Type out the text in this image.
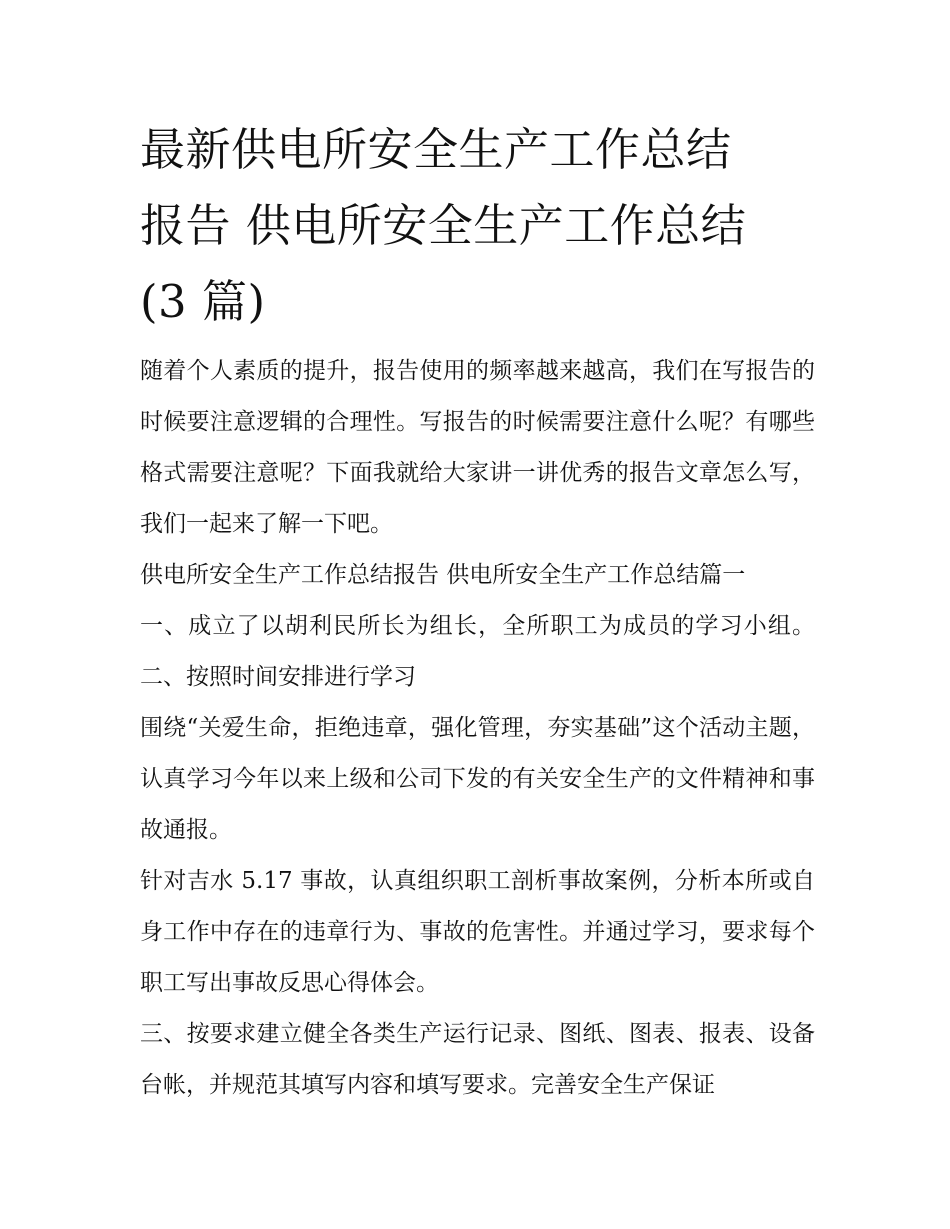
最新供电所安全生产工作总结
报告 供电所安全生产工作总结
(3 篇)

随着个人素质的提升，报告使用的频率越来越高，我们在写报告的时候要注意逻辑的合理性。写报告的时候需要注意什么呢？有哪些格式需要注意呢？下面我就给大家讲一讲优秀的报告文章怎么写，我们一起来了解一下吧。

供电所安全生产工作总结报告 供电所安全生产工作总结篇一

一、成立了以胡利民所长为组长，全所职工为成员的学习小组。 二、按照时间安排进行学习

围绕“关爱生命，拒绝违章，强化管理，夯实基础”这个活动主题，认真学习今年以来上级和公司下发的有关安全生产的文件精神和事故通报。

针对吉水 5.17 事故，认真组织职工剖析事故案例，分析本所或自身工作中存在的违章行为、事故的危害性。并通过学习，要求每个职工写出事故反思心得体会。

三、按要求建立健全各类生产运行记录、图纸、图表、报表、设备台帐，并规范其填写内容和填写要求。完善安全生产保证
